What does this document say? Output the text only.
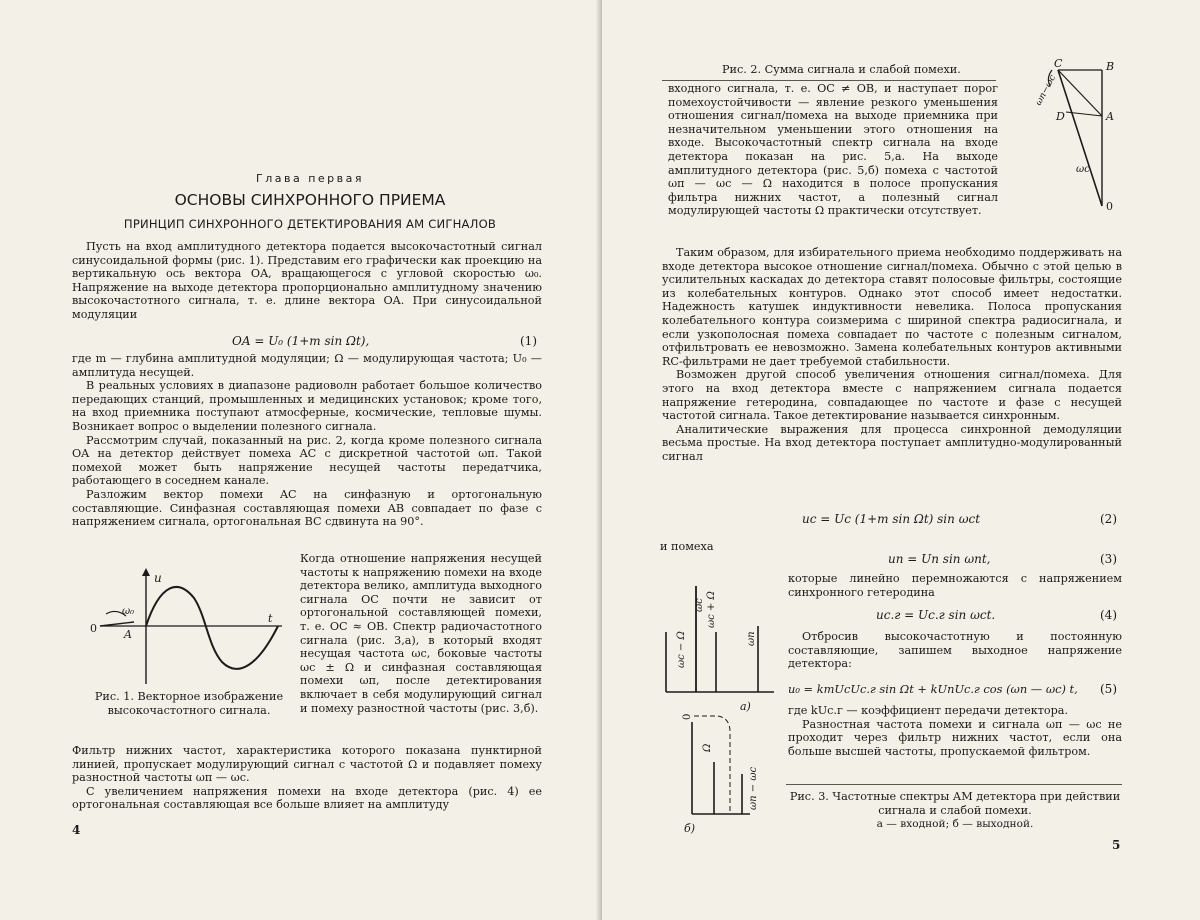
Глава первая
ОСНОВЫ СИНХРОННОГО ПРИЕМА
ПРИНЦИП СИНХРОННОГО ДЕТЕКТИРОВАНИЯ АМ СИГНАЛОВ

Пусть на вход амплитудного детектора подается высокочастотный сигнал синусоидальной формы (рис. 1). Представим его графически как проекцию на вертикальную ось вектора OA, вращающегося с угловой скоростью ω₀. Напряжение на выходе детектора пропорционально амплитудному значению высокочастотного сигнала, т. е. длине вектора OA. При синусоидальной модуляции

OA = U₀ (1+m sin Ωt),	(1)

где m — глубина амплитудной модуляции; Ω — модулирующая частота; U₀ — амплитуда несущей.

В реальных условиях в диапазоне радиоволн работает большое количество передающих станций, промышленных и медицинских установок; кроме того, на вход приемника поступают атмосферные, космические, тепловые шумы. Возникает вопрос о выделении полезного сигнала.

Рассмотрим случай, показанный на рис. 2, когда кроме полезного сигнала OA на детектор действует помеха AC с дискретной частотой ωп. Такой помехой может быть напряжение несущей частоты передатчика, работающего в соседнем канале.

Разложим вектор помехи AC на синфазную и ортогональную составляющие. Синфазная составляющая помехи AB совпадает по фазе с напряжением сигнала, ортогональная BC сдвинута на 90°.

u
ω₀
0 A
t
Рис. 1. Векторное изображение высокочастотного сигнала.

Когда отношение напряжения несущей частоты к напряжению помехи на входе детектора велико, амплитуда выходного сигнала OC почти не зависит от ортогональной составляющей помехи, т. е. OC ≈ OB. Спектр радиочастотного сигнала (рис. 3,а), в который входят несущая частота ωс, боковые частоты ωс ± Ω и синфазная составляющая помехи ωп, после детектирования включает в себя модулирующий сигнал и помеху разностной частоты (рис. 3,б).

Фильтр нижних частот, характеристика которого показана пунктирной линией, пропускает модулирующий сигнал с частотой Ω и подавляет помеху разностной частоты ωп — ωс.

С увеличением напряжения помехи на входе детектора (рис. 4) ее ортогональная составляющая все больше влияет на амплитуду

4
Рис. 2. Сумма сигнала и слабой помехи.	C	B
D	A
0
ωс
ωп−ωс

входного сигнала, т. е. OC ≠ OB, и наступает порог помехоустойчивости — явление резкого уменьшения отношения сигнал/помеха на выходе приемника при незначительном уменьшении этого отношения на входе. Высокочастотный спектр сигнала на входе детектора показан на рис. 5,а. На выходе амплитудного детектора (рис. 5,б) помеха с частотой ωп — ωс — Ω находится в полосе пропускания фильтра нижних частот, а полезный сигнал модулирующей частоты Ω практически отсутствует.

Таким образом, для избирательного приема необходимо поддерживать на входе детектора высокое отношение сигнал/помеха. Обычно с этой целью в усилительных каскадах до детектора ставят полосовые фильтры, состоящие из колебательных контуров. Однако этот способ имеет недостатки. Надежность катушек индуктивности невелика. Полоса пропускания колебательного контура соизмерима с шириной спектра радиосигнала, и если узкополосная помеха совпадает по частоте с полезным сигналом, отфильтровать ее невозможно. Замена колебательных контуров активными RC-фильтрами не дает требуемой стабильности.

Возможен другой способ увеличения отношения сигнал/помеха. Для этого на вход детектора вместе с напряжением сигнала подается напряжение гетеродина, совпадающее по частоте и фазе с несущей частотой сигнала. Такое детектирование называется синхронным.

Аналитические выражения для процесса синхронной демодуляции весьма простые. На вход детектора поступает амплитудно-модулированный сигнал

uс = Uс (1+m sin Ωt) sin ωсt	(2)
и помеха
uп = Uп sin ωпt,	(3)
ωс − Ω
ωс ωс + Ω
ωп
а)
0
Ω
ωп − ωс
б)

которые линейно перемножаются с напряжением синхронного гетеродина

uс.г = Uс.г sin ωсt.	(4)

Отбросив высокочастотную и постоянную составляющие, запишем выходное напряжение детектора:

u₀ = kmUсUс.г sin Ωt + kUпUс.г cos (ωп — ωс) t, (5)

где kUс.г — коэффициент передачи детектора.

Разностная частота помехи и сигнала ωп — ωс не проходит через фильтр нижних частот, если она больше высшей частоты, пропускаемой фильтром.

Рис. 3. Частотные спектры АМ детектора при действии сигнала и слабой помехи.
а — входной; б — выходной.
5
